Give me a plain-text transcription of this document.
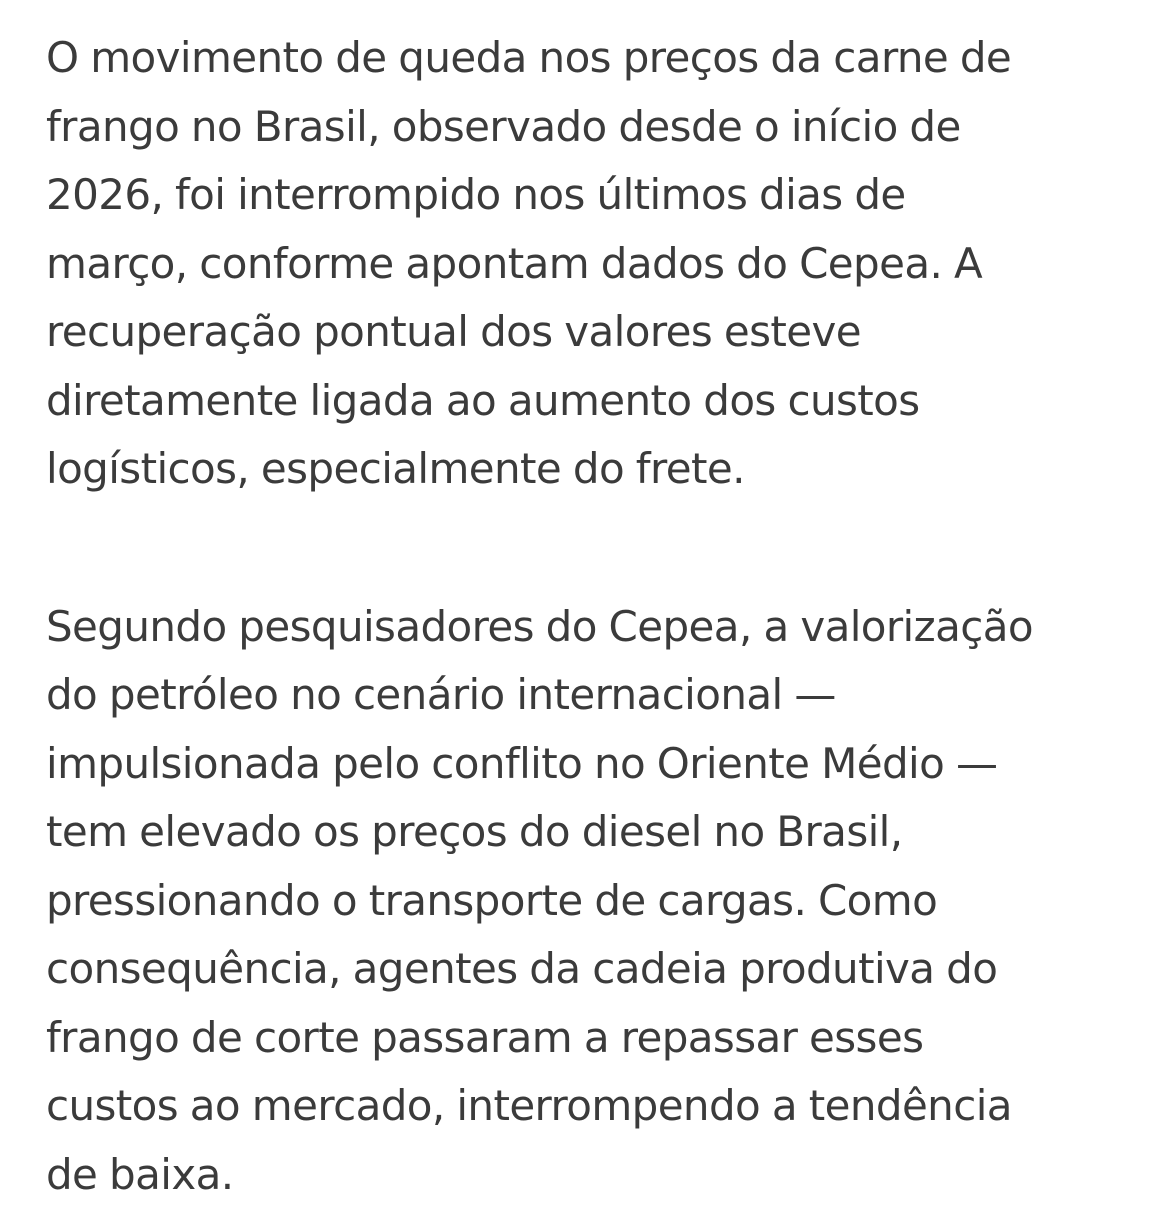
O movimento de queda nos preços da carne de
frango no Brasil, observado desde o início de
2026, foi interrompido nos últimos dias de
março, conforme apontam dados do Cepea. A
recuperação pontual dos valores esteve
diretamente ligada ao aumento dos custos
logísticos, especialmente do frete.

Segundo pesquisadores do Cepea, a valorização
do petróleo no cenário internacional —
impulsionada pelo conflito no Oriente Médio —
tem elevado os preços do diesel no Brasil,
pressionando o transporte de cargas. Como
consequência, agentes da cadeia produtiva do
frango de corte passaram a repassar esses
custos ao mercado, interrompendo a tendência
de baixa.
